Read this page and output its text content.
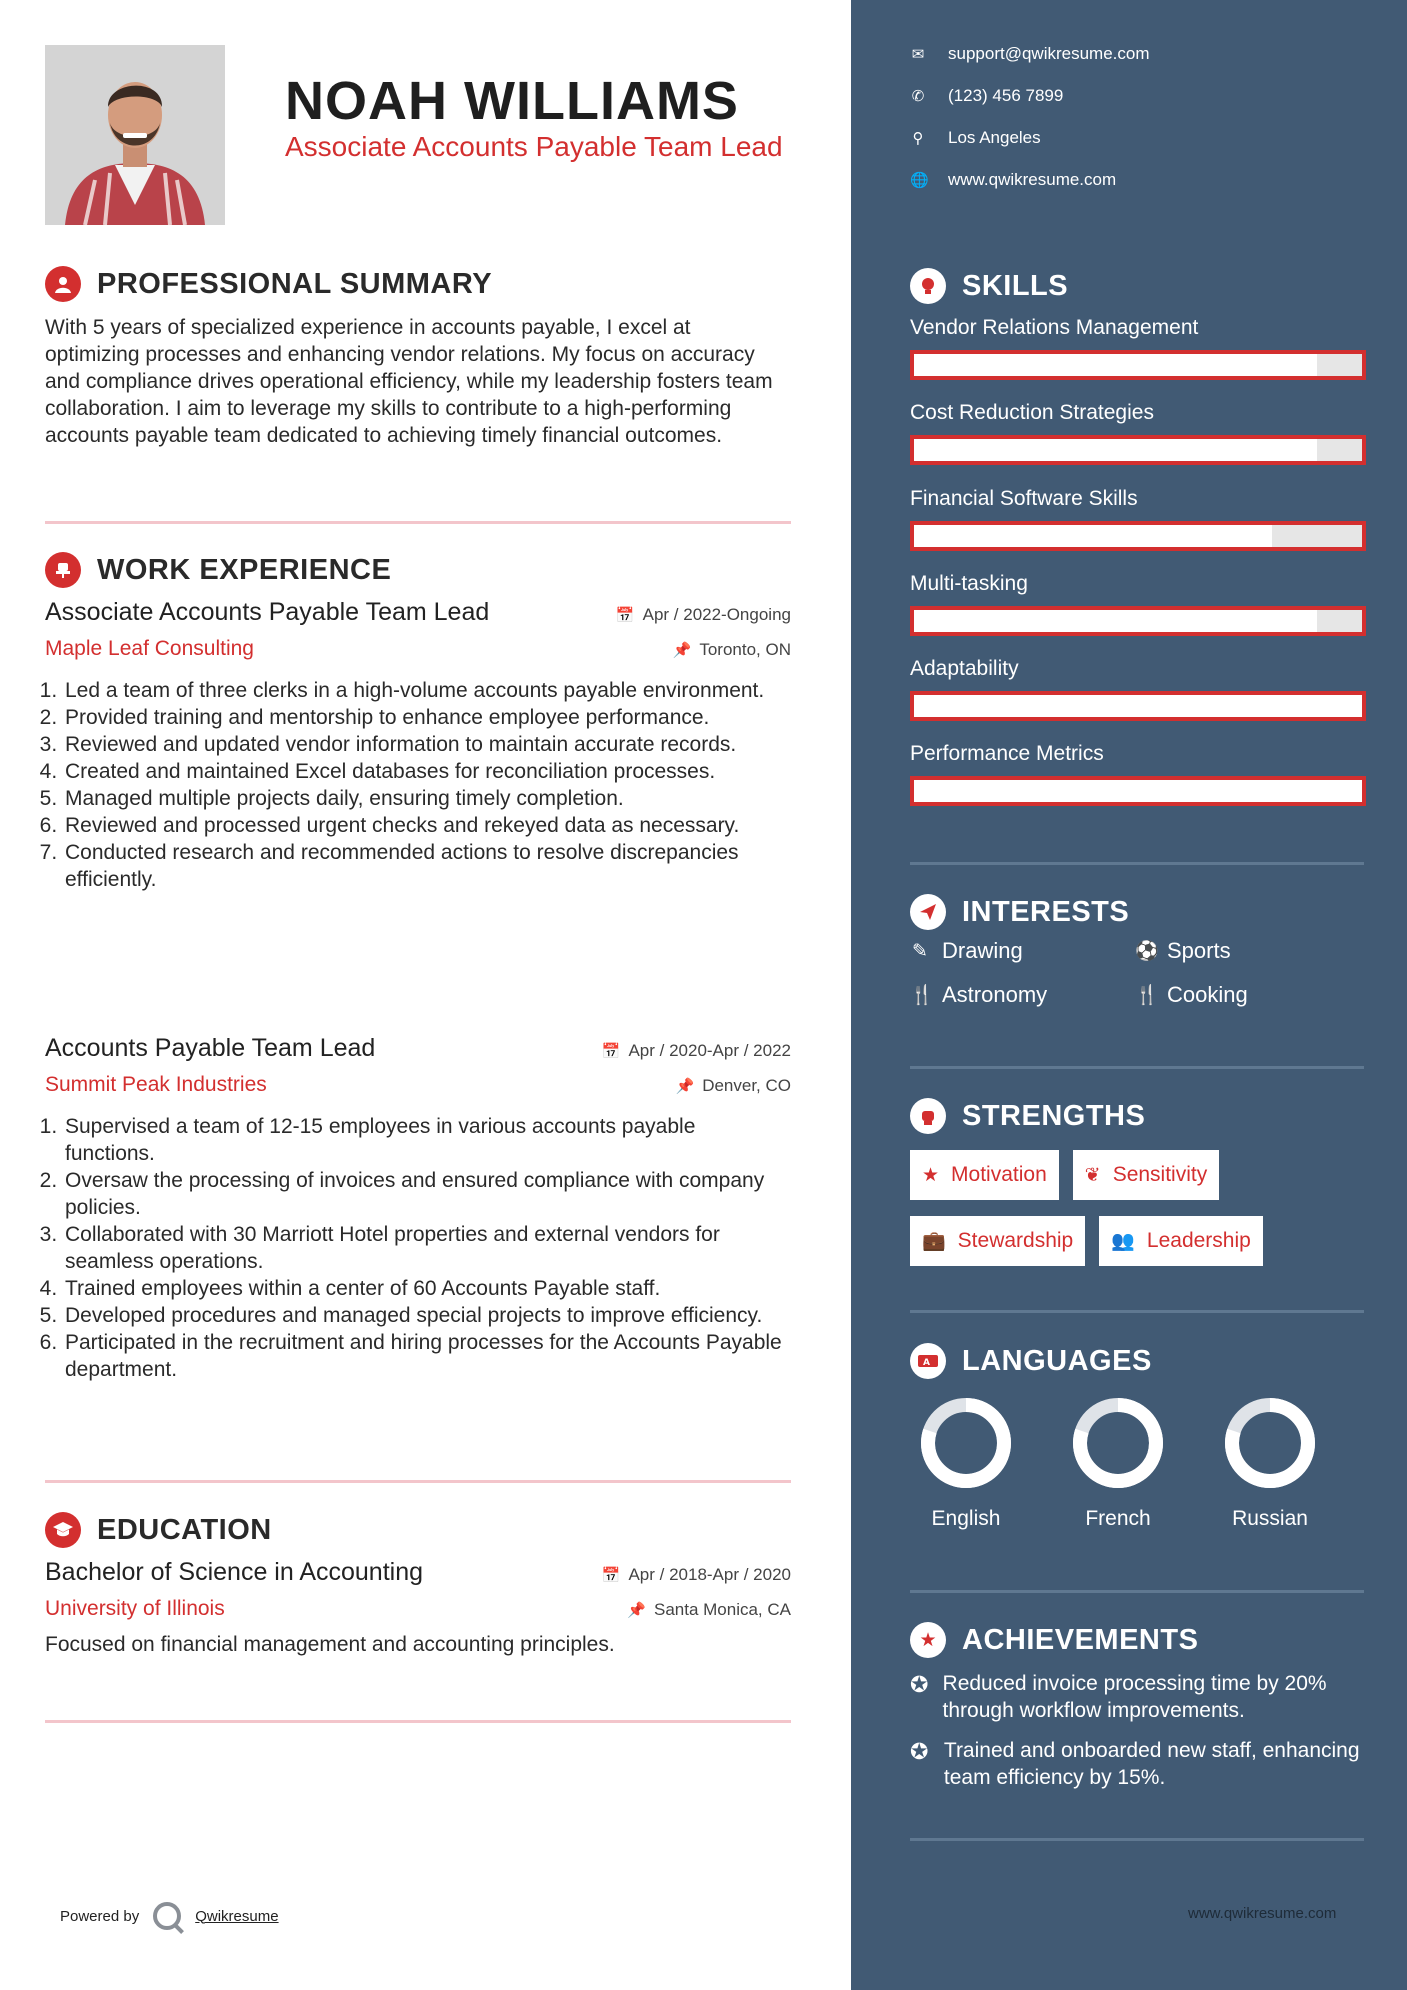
NOAH WILLIAMS
Associate Accounts Payable Team Lead
PROFESSIONAL SUMMARY
With 5 years of specialized experience in accounts payable, I excel at optimizing processes and enhancing vendor relations. My focus on accuracy and compliance drives operational efficiency, while my leadership fosters team collaboration. I aim to leverage my skills to contribute to a high-performing accounts payable team dedicated to achieving timely financial outcomes.
WORK EXPERIENCE
Associate Accounts Payable Team Lead	📅 Apr / 2022-Ongoing
Maple Leaf Consulting	📌 Toronto, ON
1. Led a team of three clerks in a high-volume accounts payable environment.
2. Provided training and mentorship to enhance employee performance.
3. Reviewed and updated vendor information to maintain accurate records.
4. Created and maintained Excel databases for reconciliation processes.
5. Managed multiple projects daily, ensuring timely completion.
6. Reviewed and processed urgent checks and rekeyed data as necessary.
7. Conducted research and recommended actions to resolve discrepancies efficiently.
Accounts Payable Team Lead	📅 Apr / 2020-Apr / 2022
Summit Peak Industries	📌 Denver, CO
1. Supervised a team of 12-15 employees in various accounts payable functions.
2. Oversaw the processing of invoices and ensured compliance with company policies.
3. Collaborated with 30 Marriott Hotel properties and external vendors for seamless operations.
4. Trained employees within a center of 60 Accounts Payable staff.
5. Developed procedures and managed special projects to improve efficiency.
6. Participated in the recruitment and hiring processes for the Accounts Payable department.
EDUCATION
Bachelor of Science in Accounting	📅 Apr / 2018-Apr / 2020
University of Illinois	📌 Santa Monica, CA
Focused on financial management and accounting principles.
Powered by	Qwikresume
✉ support@qwikresume.com
✆ (123) 456 7899
⚲ Los Angeles
🌐 www.qwikresume.com
SKILLS
Vendor Relations Management
Cost Reduction Strategies
Financial Software Skills
Multi-tasking
Adaptability
Performance Metrics
INTERESTS
✎ Drawing	⚽ Sports
🍴 Astronomy	🍴 Cooking
STRENGTHS
★ Motivation ❦ Sensitivity
💼 Stewardship 👥 Leadership
A LANGUAGES
English	French	Russian
★ ACHIEVEMENTS
✪ Reduced invoice processing time by 20% through workflow improvements.
✪ Trained and onboarded new staff, enhancing team efficiency by 15%.
www.qwikresume.com
